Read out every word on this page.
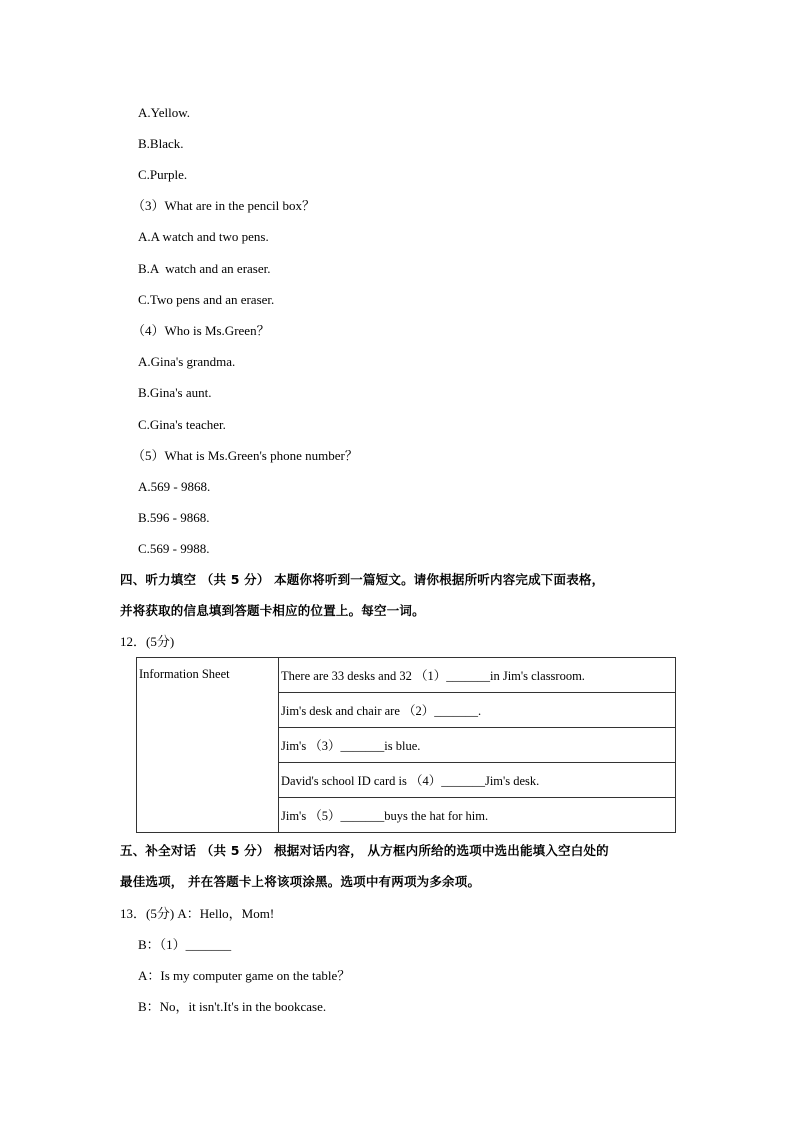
A.Yellow.
B.Black.
C.Purple.
（3）What are in the pencil box？
A.A watch and two pens.
B.A  watch and an eraser.
C.Two pens and an eraser.
（4）Who is Ms.Green？
A.Gina's grandma.
B.Gina's aunt.
C.Gina's teacher.
（5）What is Ms.Green's phone number？
A.569 - 9868.
B.596 - 9868.
C.569 - 9988.
四、听力填空 （共 5 分） 本题你将听到一篇短文。请你根据所听内容完成下面表格，
并将获取的信息填到答题卡相应的位置上。每空一词。
12．(5分)
Information Sheet	There are 33 desks and 32 （1）_______in Jim's classroom.
Jim's desk and chair are （2）_______.
Jim's （3）_______is blue.
David's school ID card is （4）_______Jim's desk.
Jim's （5）_______buys the hat for him.
五、补全对话 （共 5 分） 根据对话内容， 从方框内所给的选项中选出能填入空白处的
最佳选项， 并在答题卡上将该项涂黑。选项中有两项为多余项。
13．(5分) A：Hello，Mom!
B：（1）_______
A：Is my computer game on the table？
B：No，it isn't.It's in the bookcase.
